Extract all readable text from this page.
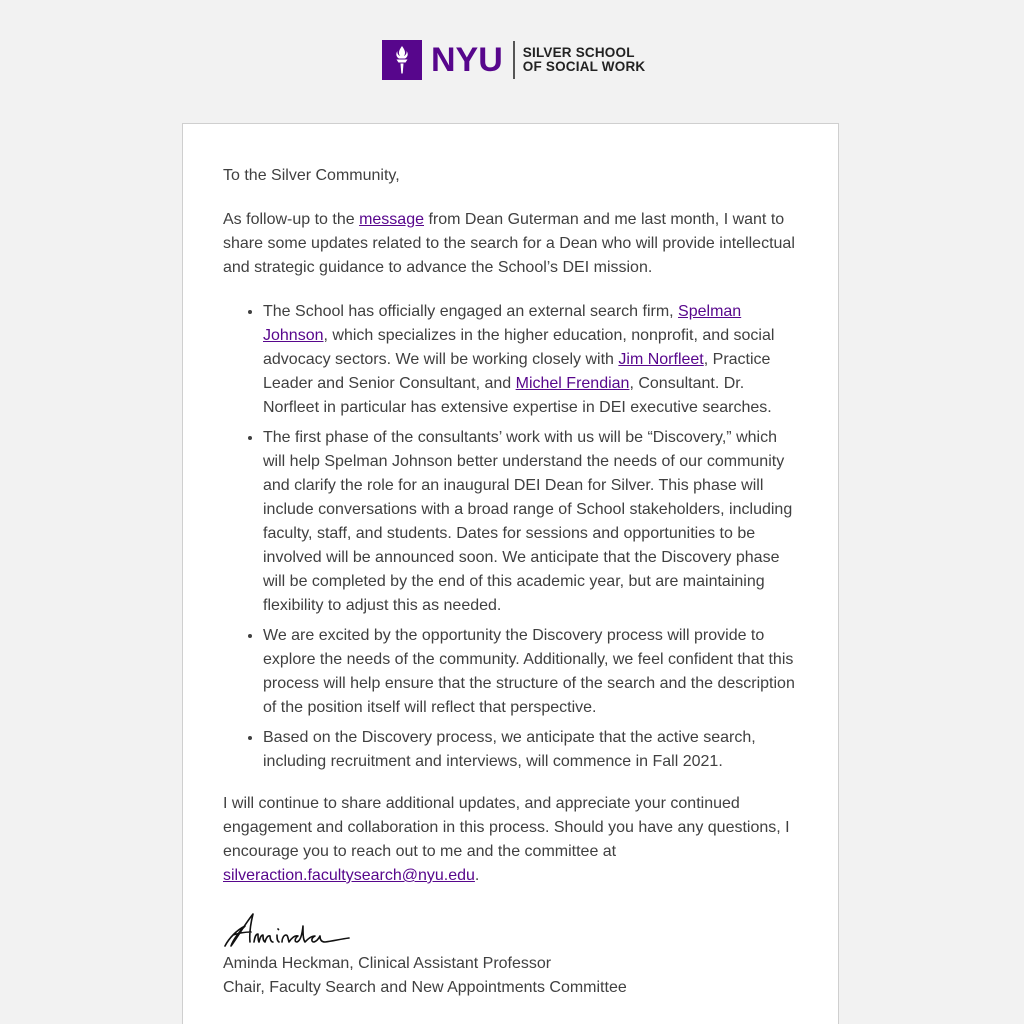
NYU SILVER SCHOOL
OF SOCIAL WORK

To the Silver Community,

As follow-up to the message from Dean Guterman and me last month, I want to share some updates related to the search for a Dean who will provide intellectual and strategic guidance to advance the School’s DEI mission.

• The School has officially engaged an external search firm, Spelman Johnson, which specializes in the higher education, nonprofit, and social advocacy sectors. We will be working closely with Jim Norfleet, Practice Leader and Senior Consultant, and Michel Frendian, Consultant. Dr. Norfleet in particular has extensive expertise in DEI executive searches.
• The first phase of the consultants’ work with us will be “Discovery,” which will help Spelman Johnson better understand the needs of our community and clarify the role for an inaugural DEI Dean for Silver. This phase will include conversations with a broad range of School stakeholders, including faculty, staff, and students. Dates for sessions and opportunities to be involved will be announced soon. We anticipate that the Discovery phase will be completed by the end of this academic year, but are maintaining flexibility to adjust this as needed.
• We are excited by the opportunity the Discovery process will provide to explore the needs of the community. Additionally, we feel confident that this process will help ensure that the structure of the search and the description of the position itself will reflect that perspective.
• Based on the Discovery process, we anticipate that the active search, including recruitment and interviews, will commence in Fall 2021.

I will continue to share additional updates, and appreciate your continued engagement and collaboration in this process. Should you have any questions, I encourage you to reach out to me and the committee at silveraction.facultysearch@nyu.edu.

Aminda
Aminda Heckman, Clinical Assistant Professor
Chair, Faculty Search and New Appointments Committee
